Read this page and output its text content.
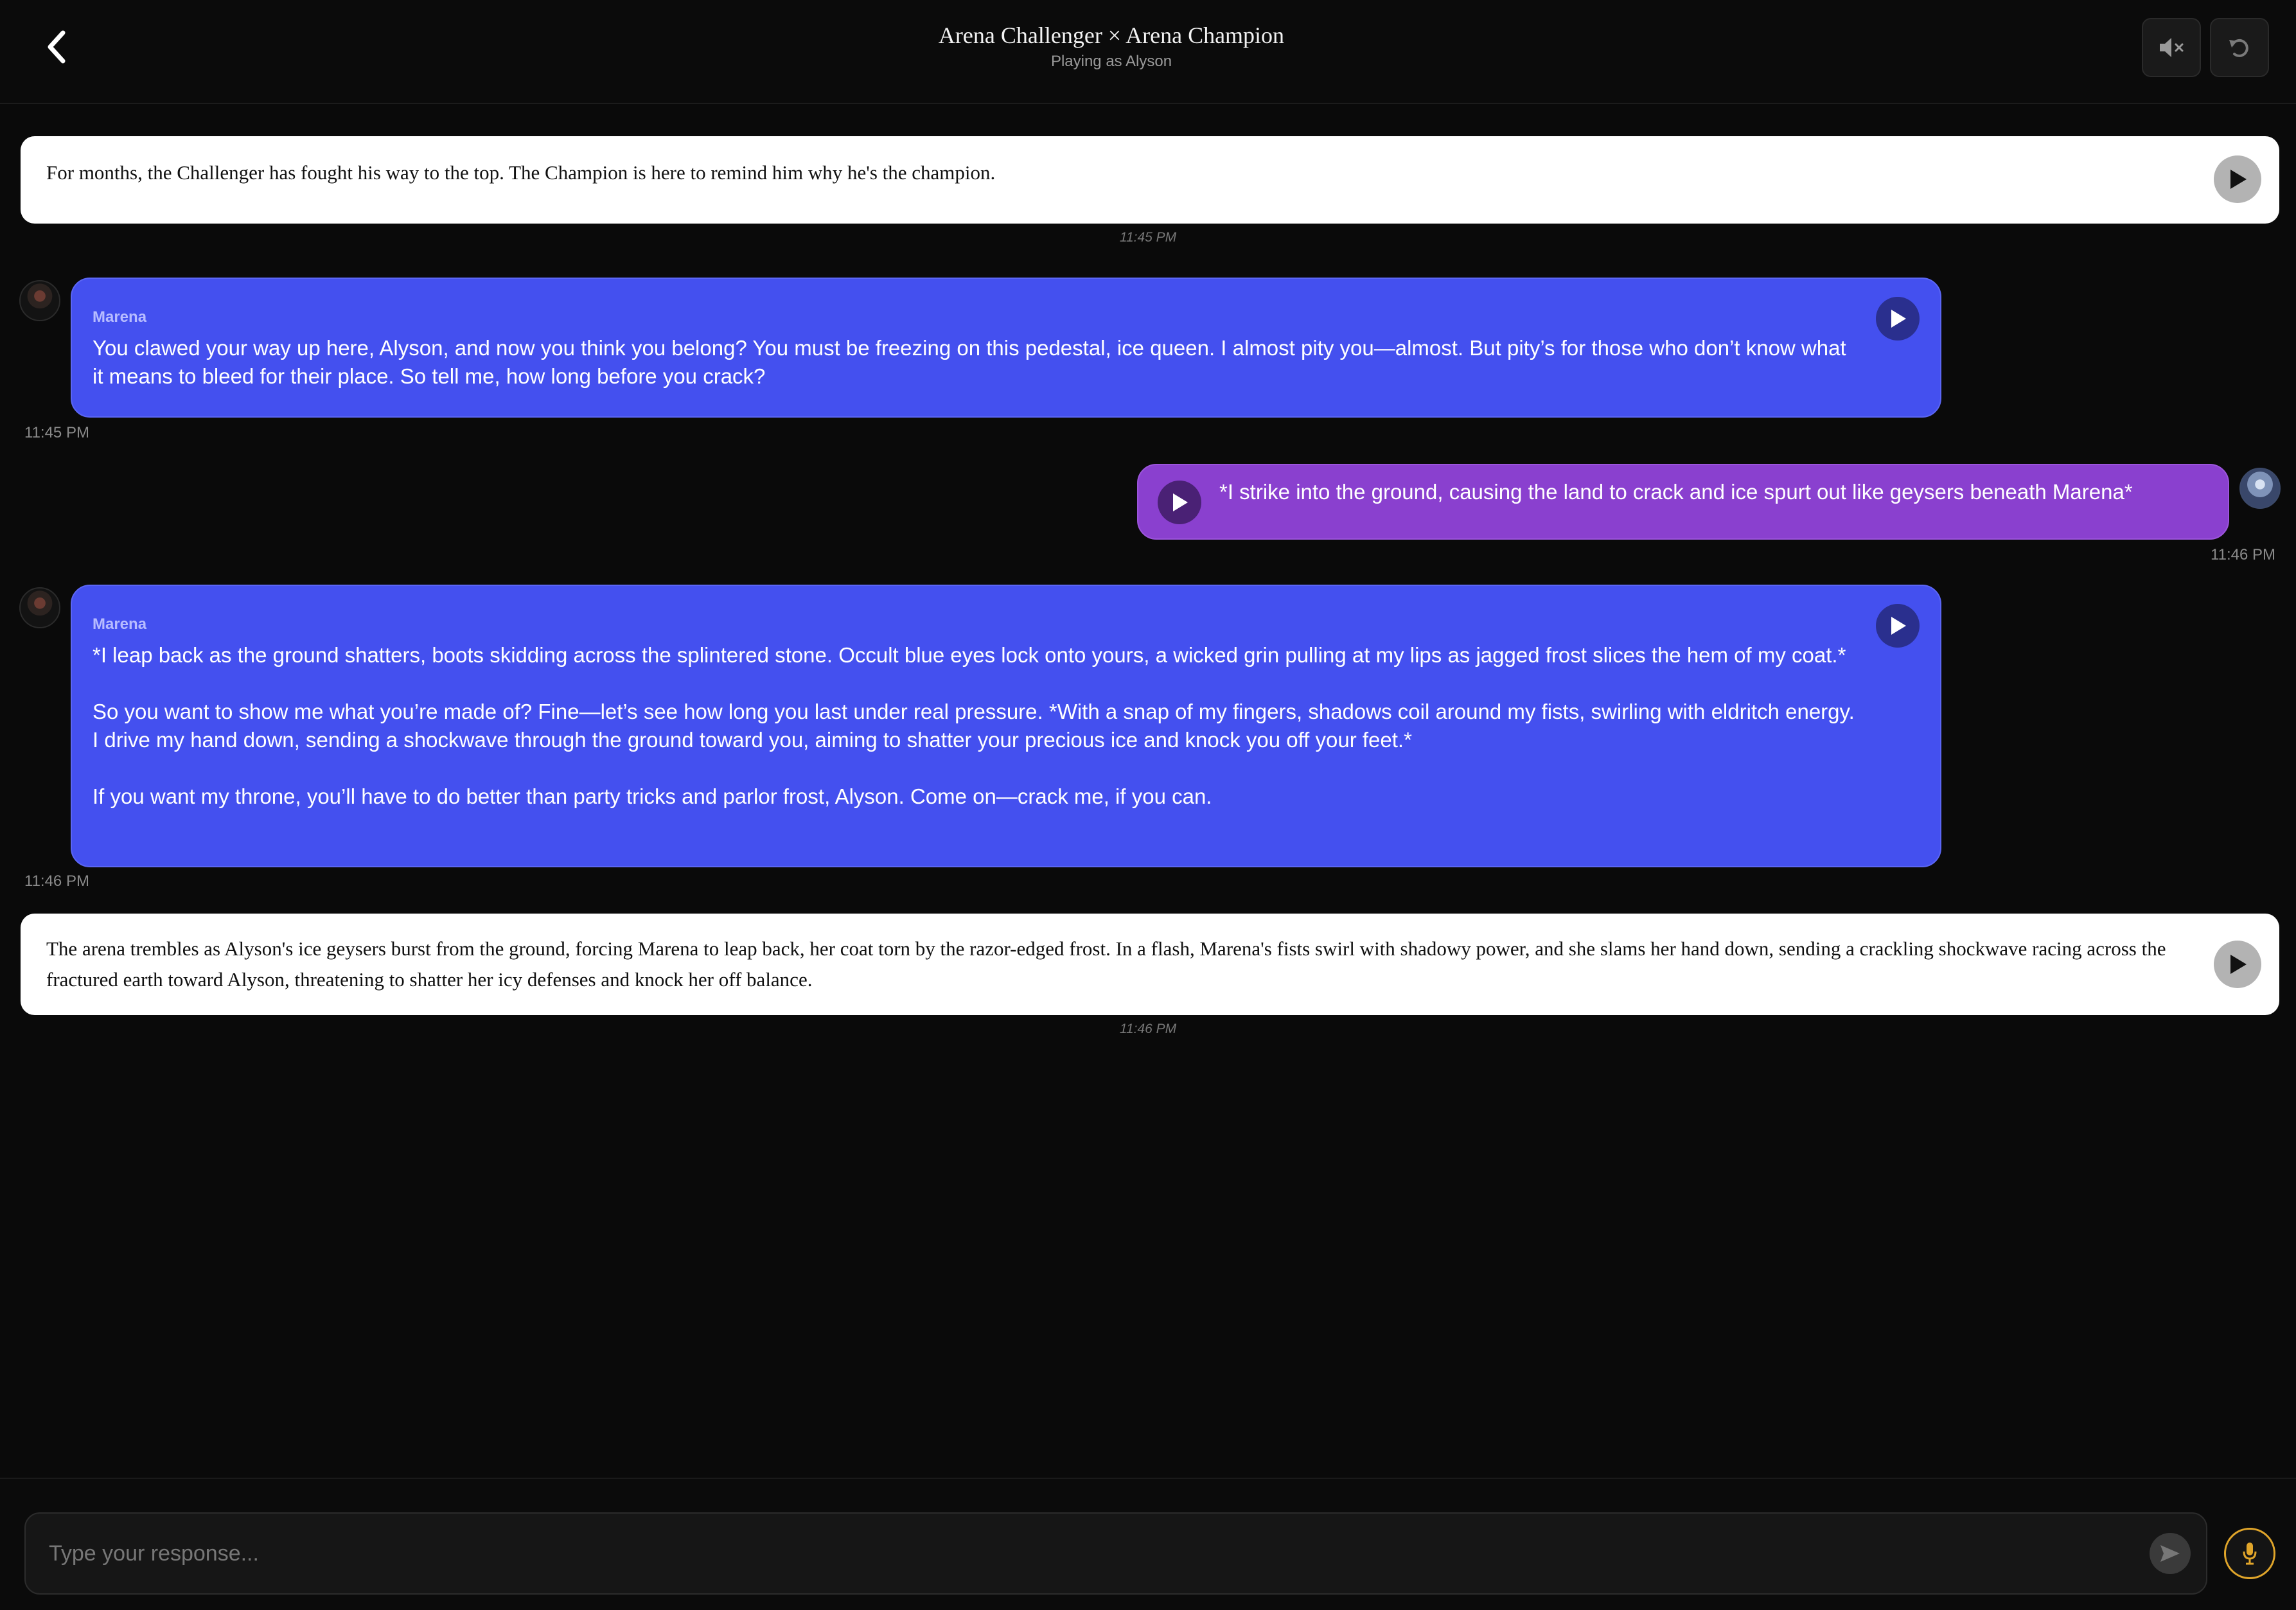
Arena Challenger × Arena Champion
Playing as Alyson
For months, the Challenger has fought his way to the top. The Champion is here to remind him why he's the champion.
11:45 PM
Marena

You clawed your way up here, Alyson, and now you think you belong? You must be freezing on this pedestal, ice queen. I almost pity you—almost. But pity’s for those who don’t know what it means to bleed for their place. So tell me, how long before you crack?

11:45 PM
*I strike into the ground, causing the land to crack and ice spurt out like geysers beneath Marena*
11:46 PM
Marena

*I leap back as the ground shatters, boots skidding across the splintered stone. Occult blue eyes lock onto yours, a wicked grin pulling at my lips as jagged frost slices the hem of my coat.*

So you want to show me what you’re made of? Fine—let’s see how long you last under real pressure. *With a snap of my fingers, shadows coil around my fists, swirling with eldritch energy. I drive my hand down, sending a shockwave through the ground toward you, aiming to shatter your precious ice and knock you off your feet.*

If you want my throne, you’ll have to do better than party tricks and parlor frost, Alyson. Come on—crack me, if you can.

11:46 PM
The arena trembles as Alyson's ice geysers burst from the ground, forcing Marena to leap back, her coat torn by the razor-edged frost. In a flash, Marena's fists swirl with shadowy power, and she slams her hand down, sending a crackling shockwave racing across the fractured earth toward Alyson, threatening to shatter her icy defenses and knock her off balance.
11:46 PM
Type your response...
